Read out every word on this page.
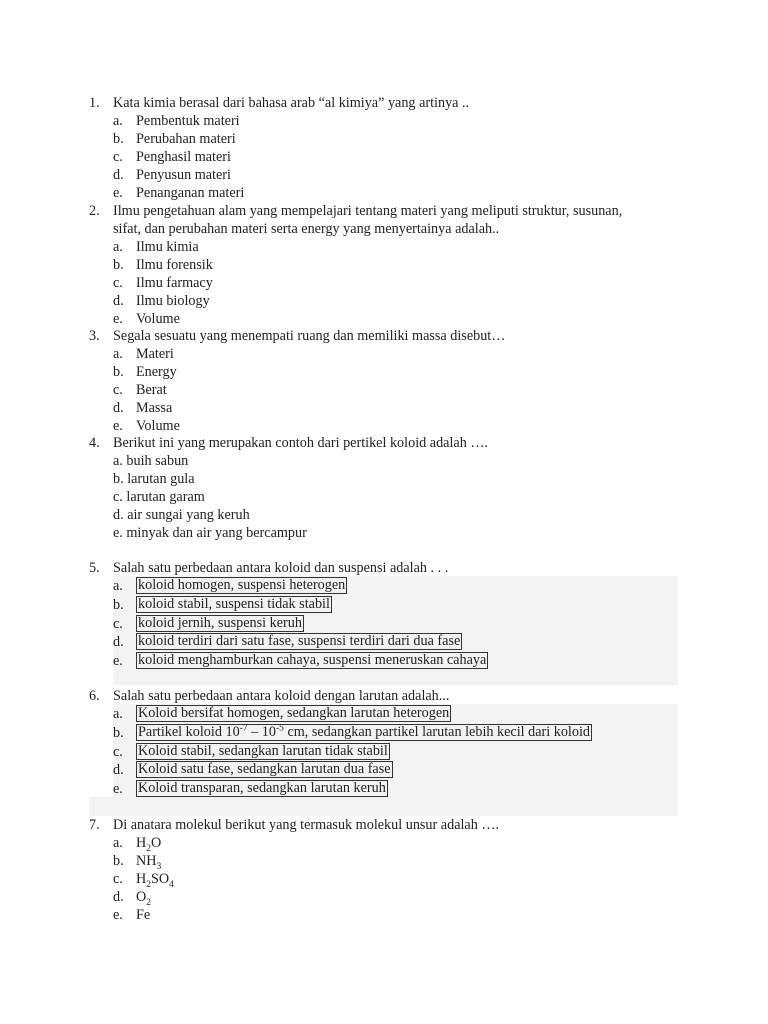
1. Kata kimia berasal dari bahasa arab “al kimiya” yang artinya ..
a. Pembentuk materi
b. Perubahan materi
c. Penghasil materi
d. Penyusun materi
e. Penanganan materi
2. Ilmu pengetahuan alam yang mempelajari tentang materi yang meliputi struktur, susunan,
sifat, dan perubahan materi serta energy yang menyertainya adalah..
a. Ilmu kimia
b. Ilmu forensik
c. Ilmu farmacy
d. Ilmu biology
e. Volume
3. Segala sesuatu yang menempati ruang dan memiliki massa disebut…
a. Materi
b. Energy
c. Berat
d. Massa
e. Volume
4. Berikut ini yang merupakan contoh dari pertikel koloid adalah ….
a. buih sabun
b. larutan gula
c. larutan garam
d. air sungai yang keruh
e. minyak dan air yang bercampur
5. Salah satu perbedaan antara koloid dan suspensi adalah . . .
a. koloid homogen, suspensi heterogen
b. koloid stabil, suspensi tidak stabil
c. koloid jernih, suspensi keruh
d. koloid terdiri dari satu fase, suspensi terdiri dari dua fase
e. koloid menghamburkan cahaya, suspensi meneruskan cahaya
6. Salah satu perbedaan antara koloid dengan larutan adalah...
a. Koloid bersifat homogen, sedangkan larutan heterogen
b. Partikel koloid $10^{-7} - 10^{-5}$ cm, sedangkan partikel larutan lebih kecil dari koloid
c. Koloid stabil, sedangkan larutan tidak stabil
d. Koloid satu fase, sedangkan larutan dua fase
e. Koloid transparan, sedangkan larutan keruh
7. Di anatara molekul berikut yang termasuk molekul unsur adalah ….
a. $H_2O$
b. $NH_3$
c. $H_2SO_4$
d. $O_2$
e. Fe
